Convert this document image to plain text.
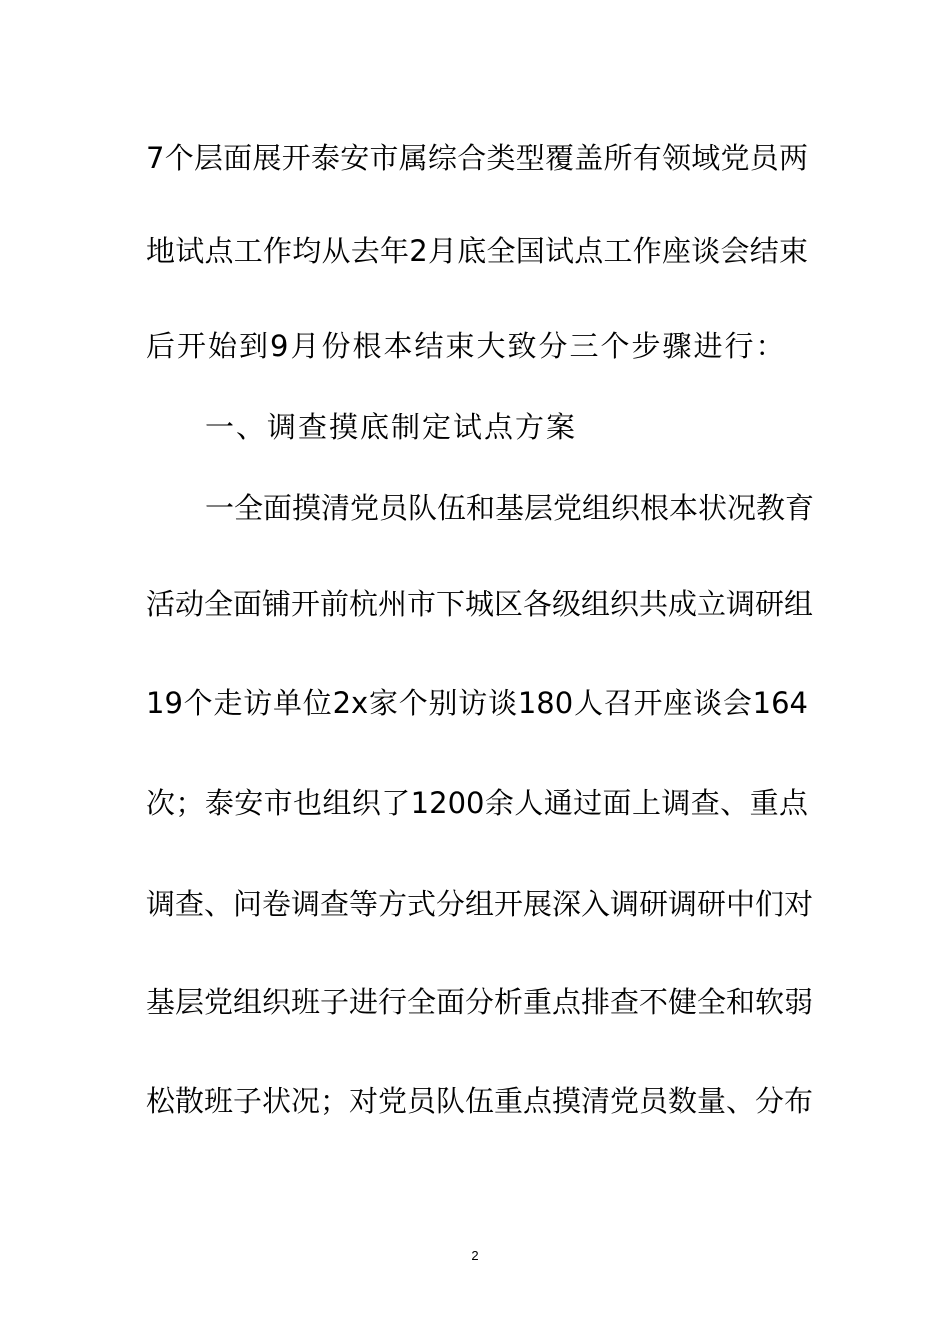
7个层面展开泰安市属综合类型覆盖所有领域党员两
地试点工作均从去年2月底全国试点工作座谈会结束
后开始到9月份根本结束大致分三个步骤进行：
一、调查摸底制定试点方案
一全面摸清党员队伍和基层党组织根本状况教育
活动全面铺开前杭州市下城区各级组织共成立调研组
19个走访单位2x家个别访谈180人召开座谈会164
次；泰安市也组织了1200余人通过面上调查、重点
调查、问卷调查等方式分组开展深入调研调研中们对
基层党组织班子进行全面分析重点排查不健全和软弱
松散班子状况；对党员队伍重点摸清党员数量、分布
2
